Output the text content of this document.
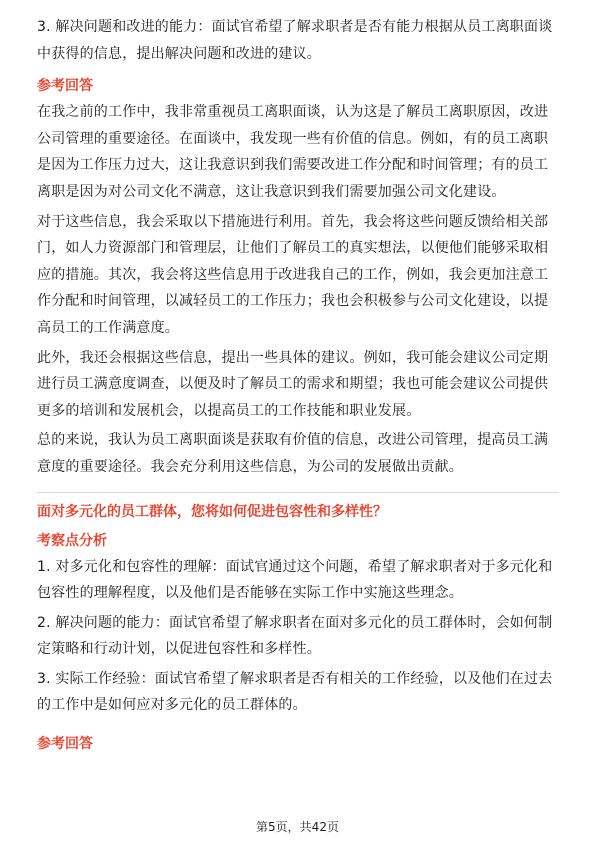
3. 解决问题和改进的能力：面试官希望了解求职者是否有能力根据从员工离职面谈中获得的信息，提出解决问题和改进的建议。

参考回答

在我之前的工作中，我非常重视员工离职面谈，认为这是了解员工离职原因，改进公司管理的重要途径。在面谈中，我发现一些有价值的信息。例如，有的员工离职是因为工作压力过大，这让我意识到我们需要改进工作分配和时间管理；有的员工离职是因为对公司文化不满意，这让我意识到我们需要加强公司文化建设。

对于这些信息，我会采取以下措施进行利用。首先，我会将这些问题反馈给相关部门，如人力资源部门和管理层，让他们了解员工的真实想法，以便他们能够采取相应的措施。其次，我会将这些信息用于改进我自己的工作，例如，我会更加注意工作分配和时间管理，以减轻员工的工作压力；我也会积极参与公司文化建设，以提高员工的工作满意度。

此外，我还会根据这些信息，提出一些具体的建议。例如，我可能会建议公司定期进行员工满意度调查，以便及时了解员工的需求和期望；我也可能会建议公司提供更多的培训和发展机会，以提高员工的工作技能和职业发展。

总的来说，我认为员工离职面谈是获取有价值的信息，改进公司管理，提高员工满意度的重要途径。我会充分利用这些信息，为公司的发展做出贡献。

面对多元化的员工群体，您将如何促进包容性和多样性？

考察点分析

1. 对多元化和包容性的理解：面试官通过这个问题，希望了解求职者对于多元化和包容性的理解程度，以及他们是否能够在实际工作中实施这些理念。

2. 解决问题的能力：面试官希望了解求职者在面对多元化的员工群体时，会如何制定策略和行动计划，以促进包容性和多样性。

3. 实际工作经验：面试官希望了解求职者是否有相关的工作经验，以及他们在过去的工作中是如何应对多元化的员工群体的。

参考回答

第5页，共42页
